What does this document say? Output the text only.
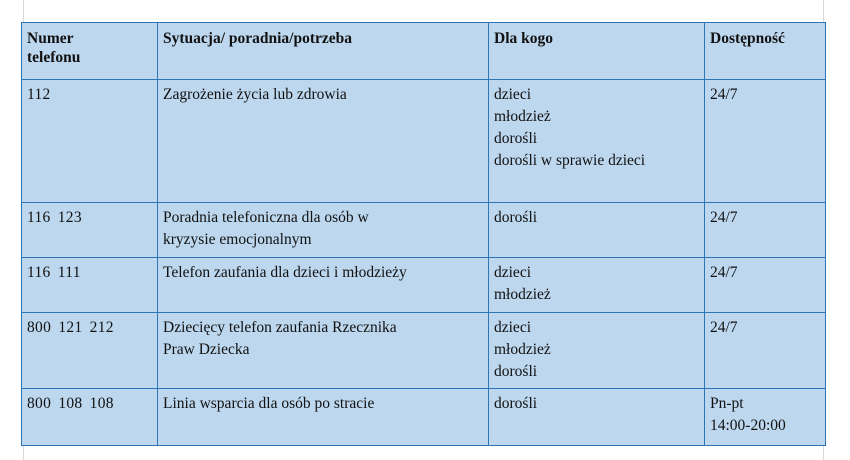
Numer
telefonu	Sytuacja/ poradnia/potrzeba	Dla kogo	Dostępność
112	Zagrożenie życia lub zdrowia	dzieci
młodzież
dorośli
dorośli w sprawie dzieci	24/7

116 123	Poradnia telefoniczna dla osób w
kryzysie emocjonalnym	dorośli	24/7

116 111	Telefon zaufania dla dzieci i młodzieży	dzieci
młodzież	24/7

800 121 212	Dziecięcy telefon zaufania Rzecznika
Praw Dziecka	dzieci
młodzież
dorośli	24/7

800 108 108	Linia wsparcia dla osób po stracie	dorośli	Pn-pt
14:00-20:00
